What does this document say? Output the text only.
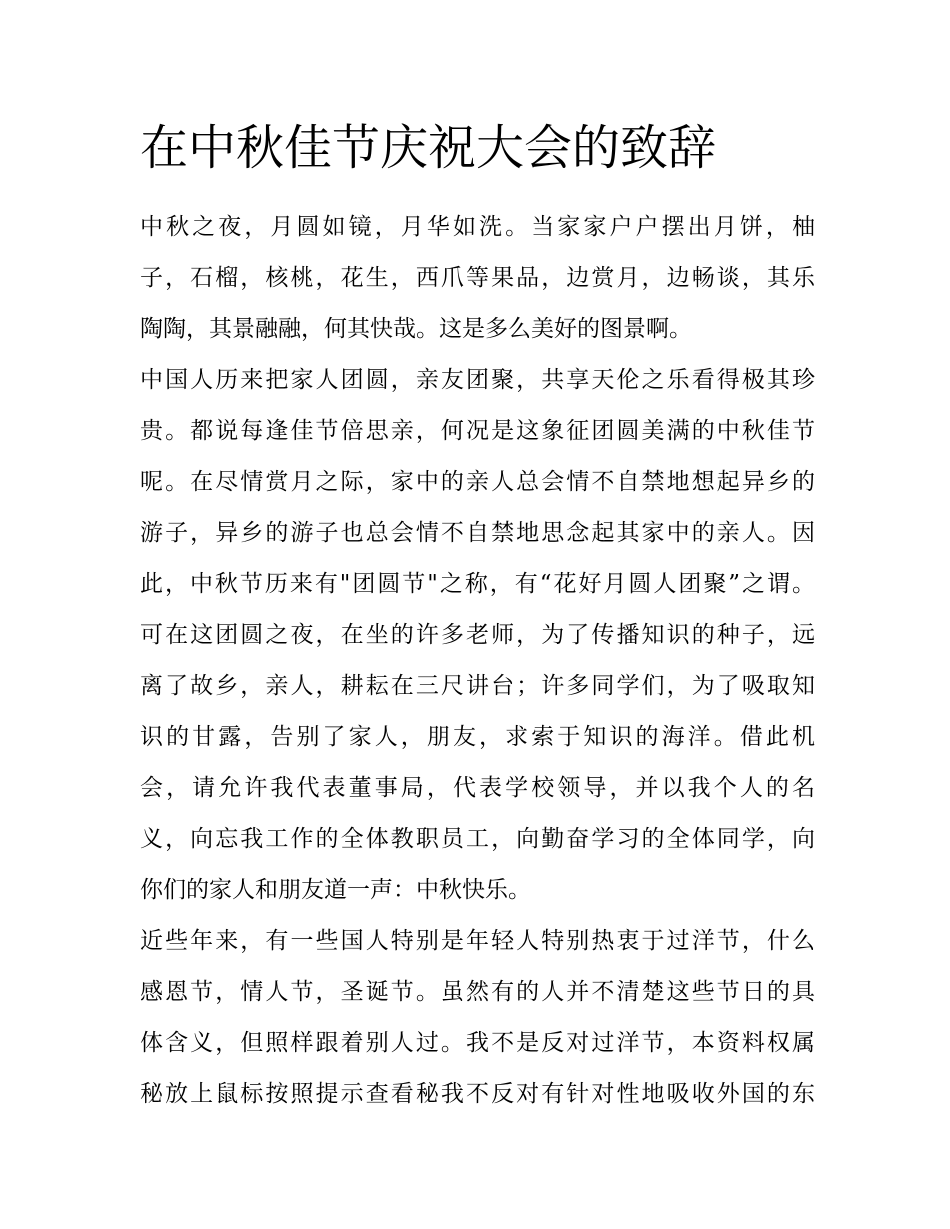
在中秋佳节庆祝大会的致辞
中秋之夜，月圆如镜，月华如洗。当家家户户摆出月饼，柚
子，石榴，核桃，花生，西爪等果品，边赏月，边畅谈，其乐
陶陶，其景融融，何其快哉。这是多么美好的图景啊。
中国人历来把家人团圆，亲友团聚，共享天伦之乐看得极其珍
贵。都说每逢佳节倍思亲，何况是这象征团圆美满的中秋佳节
呢。在尽情赏月之际，家中的亲人总会情不自禁地想起异乡的
游子，异乡的游子也总会情不自禁地思念起其家中的亲人。因
此，中秋节历来有"团圆节"之称，有“花好月圆人团聚”之谓。
可在这团圆之夜，在坐的许多老师，为了传播知识的种子，远
离了故乡，亲人，耕耘在三尺讲台；许多同学们，为了吸取知
识的甘露，告别了家人，朋友，求索于知识的海洋。借此机
会，请允许我代表董事局，代表学校领导，并以我个人的名
义，向忘我工作的全体教职员工，向勤奋学习的全体同学，向
你们的家人和朋友道一声：中秋快乐。
近些年来，有一些国人特别是年轻人特别热衷于过洋节，什么
感恩节，情人节，圣诞节。虽然有的人并不清楚这些节日的具
体含义，但照样跟着别人过。我不是反对过洋节，本资料权属
秘放上鼠标按照提示查看秘我不反对有针对性地吸收外国的东
